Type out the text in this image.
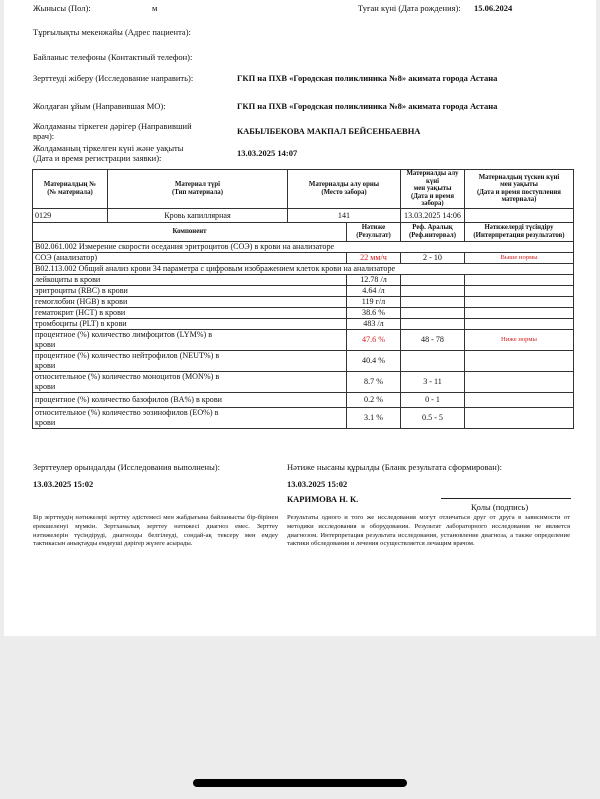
Жынысы (Пол):	м	Туған күні (Дата рождения): 15.06.2024
Тұрғылықты мекенжайы (Адрес пациента):
Байланыс телефоны (Контактный телефон):
Зерттеуді жіберу (Исследование направить):	ГКП на ПХВ «Городская поликлиника №8» акимата города Астана
Жолдаған ұйым (Направившая МО):	ГКП на ПХВ «Городская поликлиника №8» акимата города Астана
Жолдаманы тіркеген дәрігер (Направивший
врач):	КАБЫЛБЕКОВА МАКПАЛ БЕЙСЕНБАЕВНА
Жолдаманың тіркелген күні және уақыты
(Дата и время регистрации заявки):	13.03.2025 14:07
Материалдың №
(№ материала)	Материал түрі
(Тип материала)	Материалды алу орны
(Место забора)		Материалды алу күні
мен уақыты
(Дата и время забора)	Материалдың түскен күні
мен уақыты
(Дата и время поступления
материала)
0129	Кровь капиллярная	141		13.03.2025 14:06	
Компонент			Нәтиже
(Результат)	Реф. Аралық
(Реф.интервал)	Нәтижелерді түсіндіру
(Интерпретация результатов)
В02.061.002 Измерение скорости оседания эритроцитов (СОЭ) в крови на анализаторе					
СОЭ (анализатор)			22 мм/ч	2 - 10	Выше нормы
В02.113.002 Общий анализ крови 34 параметра с цифровым изображением клеток крови на анализаторе					
лейкоциты в крови			12.78 /л		
эритроциты (RBC) в крови			4.64 /л		
гемоглобин (HGB) в крови			119 г/л		
гематокрит (HCT) в крови			38.6 %		
тромбоциты (PLT) в крови			483 /л		
процентное (%) количество лимфоцитов (LYM%) в
крови			47.6 %	48 - 78	Ниже нормы
процентное (%) количество нейтрофилов (NEUT%) в
крови			40.4 %		
относительное (%) количество моноцитов (MON%) в
крови			8.7 %	3 - 11	
процентное (%) количество базофилов (BA%) в крови			0.2 %	0 - 1	
относительное (%) количество эозинофилов (EO%) в
крови			3.1 %	0.5 - 5	
Зерттеулер орындалды (Исследования выполнены):
13.03.2025 15:02
Нәтиже нысаны құрылды (Бланк результата сформирован):
13.03.2025 15:02
КАРИМОВА Н. К.
Қолы (подпись)
Бір зерттеудің нәтижелері зерттеу әдістемесі мен жабдығына байланысты бір-бірінен ерекшеленуі мүмкін. Зертханалық зерттеу нәтижесі диагноз емес. Зерттеу нәтижелерін түсіндіруді, диагнозды белгілеуді, сондай-ақ тексеру мен емдеу тактикасын анықтауды емдеуші дәрігер жүзеге асырады.
Результаты одного и того же исследования могут отличаться друг от друга в зависимости от методики исследования и оборудования. Результат лабораторного исследования не является диагнозом. Интерпретация результата исследования, установление диагноза, а также определение тактики обследования и лечения осуществляется лечащим врачом.
